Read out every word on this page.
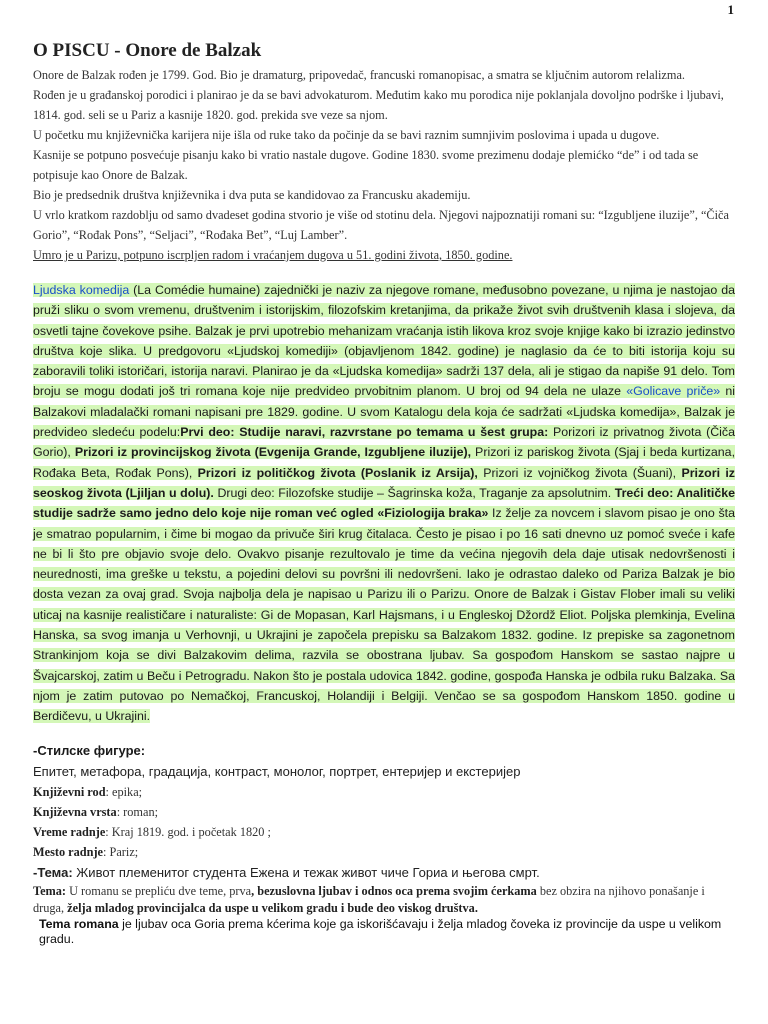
1
O PISCU - Onore de Balzak

Onore de Balzak rođen je 1799. God. Bio je dramaturg, pripovedač, francuski romanopisac, a smatra se ključnim autorom relalizma.

Rođen je u građanskoj porodici i planirao je da se bavi advokaturom. Međutim kako mu porodica nije poklanjala dovoljno podrške i ljubavi, 1814. god. seli se u Pariz a kasnije 1820. god. prekida sve veze sa njom.

U početku mu književnička karijera nije išla od ruke tako da počinje da se bavi raznim sumnjivim poslovima i upada u dugove.

Kasnije se potpuno posvećuje pisanju kako bi vratio nastale dugove. Godine 1830. svome prezimenu dodaje plemićko “de” i od tada se potpisuje kao Onore de Balzak.

Bio je predsednik društva književnika i dva puta se kandidovao za Francusku akademiju.

U vrlo kratkom razdoblju od samo dvadeset godina stvorio je više od stotinu dela. Njegovi najpoznatiji romani su: “Izgubljene iluzije”, “Čiča Gorio”, “Rođak Pons”, “Seljaci”, “Rođaka Bet”, “Luj Lamber”.

Umro je u Parizu, potpuno iscrpljen radom i vraćanjem dugova u 51. godini života, 1850. godine.

Ljudska komedija (La Comédie humaine) zajednički je naziv za njegove romane, međusobno povezane, u njima je nastojao da pruži sliku o svom vremenu, društvenim i istorijskim, filozofskim kretanjima, da prikaže život svih društvenih klasa i slojeva, da osvetli tajne čovekove psihe. Balzak je prvi upotrebio mehanizam vraćanja istih likova kroz svoje knjige kako bi izrazio jedinstvo društva koje slika. U predgovoru «Ljudskoj komediji» (objavljenom 1842. godine) je naglasio da će to biti istorija koju su zaboravili toliki istoričari, istorija naravi. Planirao je da «Ljudska komedija» sadrži 137 dela, ali je stigao da napiše 91 delo. Tom broju se mogu dodati još tri romana koje nije predvideo prvobitnim planom. U broj od 94 dela ne ulaze «Golicave priče» ni Balzakovi mladalački romani napisani pre 1829. godine. U svom Katalogu dela koja će sadržati «Ljudska komedija», Balzak je predvideo sledeću podelu:Prvi deo: Studije naravi, razvrstane po temama u šest grupa: Porizori iz privatnog života (Čiča Gorio), Prizori iz provincijskog života (Evgenija Grande, Izgubljene iluzije), Prizori iz pariskog života (Sjaj i beda kurtizana, Rođaka Beta, Rođak Pons), Prizori iz političkog života (Poslanik iz Arsija), Prizori iz vojničkog života (Šuani), Prizori iz seoskog života (Ljiljan u dolu). Drugi deo: Filozofske studije – Šagrinska koža, Traganje za apsolutnim. Treći deo: Analitičke studije sadrže samo jedno delo koje nije roman već ogled «Fiziologija braka» Iz želje za novcem i slavom pisao je ono šta je smatrao popularnim, i čime bi mogao da privuče širi krug čitalaca. Često je pisao i po 16 sati dnevno uz pomoć sveće i kafe ne bi li što pre objavio svoje delo. Ovakvo pisanje rezultovalo je time da većina njegovih dela daje utisak nedovršenosti i neurednosti, ima greške u tekstu, a pojedini delovi su površni ili nedovršeni. Iako je odrastao daleko od Pariza Balzak je bio dosta vezan za ovaj grad. Svoja najbolja dela je napisao u Parizu ili o Parizu. Onore de Balzak i Gistav Flober imali su veliki uticaj na kasnije realističare i naturaliste: Gi de Mopasan, Karl Hajsmans, i u Engleskoj Džordž Eliot. Poljska plemkinja, Evelina Hanska, sa svog imanja u Verhovnji, u Ukrajini je započela prepisku sa Balzakom 1832. godine. Iz prepiske sa zagonetnom Strankinjom koja se divi Balzakovim delima, razvila se obostrana ljubav. Sa gospođom Hanskom se sastao najpre u Švajcarskoj, zatim u Beču i Petrogradu. Nakon što je postala udovica 1842. godine, gospođa Hanska je odbila ruku Balzaka. Sa njom je zatim putovao po Nemačkoj, Francuskoj, Holandiji i Belgiji. Venčao se sa gospođom Hanskom 1850. godine u Berdičevu, u Ukrajini.
-Стилске фигуре:

Епитет, метафора, градација, контраст, монолог, портрет, ентеријер и екстеријер

Književni rod: epika;

Književna vrsta: roman;

Vreme radnje: Kraj 1819. god. i početak 1820 ;

Mesto radnje: Pariz;

-Тема: Живот племенитог студента Ежена и тежак живот чиче Гориа и његова смрт.

Tema: U romanu se prepliću dve teme, prva, bezuslovna ljubav i odnos oca prema svojim ćerkama bez obzira na njihovo ponašanje i druga, želja mladog provincijalca da uspe u velikom gradu i bude deo viskog društva.

Tema romana je ljubav oca Goria prema kćerima koje ga iskorišćavaju i želja mladog čoveka iz provincije da uspe u velikom gradu.
